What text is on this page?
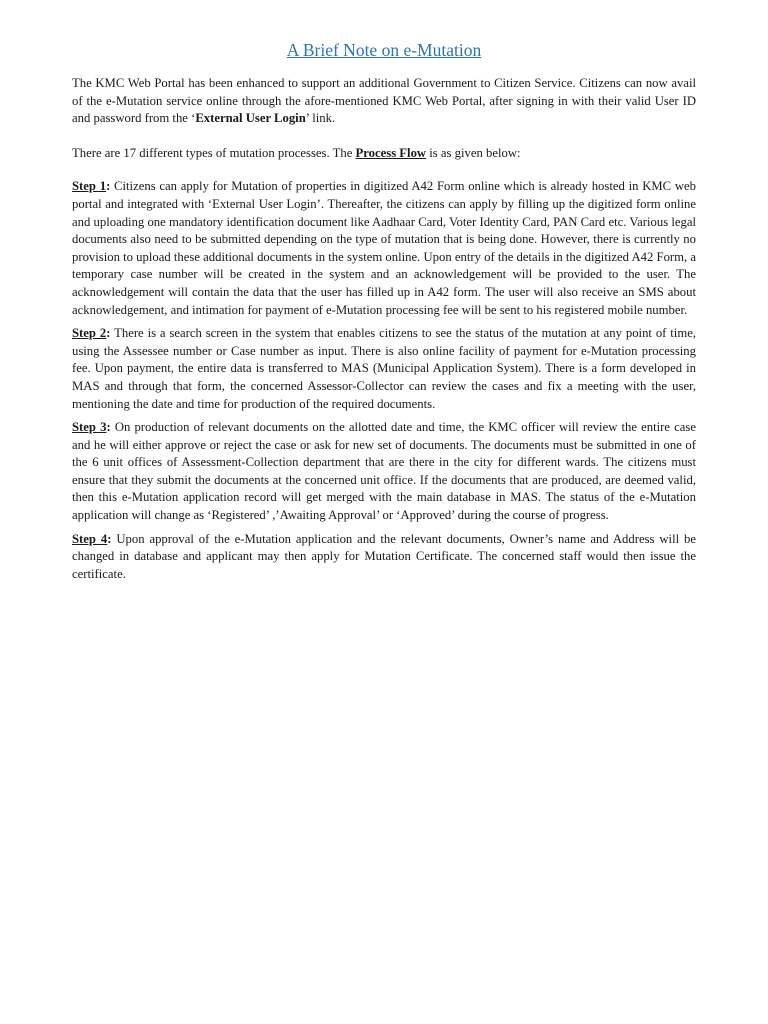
A Brief Note on e-Mutation

The KMC Web Portal has been enhanced to support an additional Government to Citizen Service. Citizens can now avail of the e-Mutation service online through the afore-mentioned KMC Web Portal, after signing in with their valid User ID and password from the ‘External User Login’ link.

There are 17 different types of mutation processes. The Process Flow is as given below:

Step 1: Citizens can apply for Mutation of properties in digitized A42 Form online which is already hosted in KMC web portal and integrated with ‘External User Login’. Thereafter, the citizens can apply by filling up the digitized form online and uploading one mandatory identification document like Aadhaar Card, Voter Identity Card, PAN Card etc. Various legal documents also need to be submitted depending on the type of mutation that is being done. However, there is currently no provision to upload these additional documents in the system online. Upon entry of the details in the digitized A42 Form, a temporary case number will be created in the system and an acknowledgement will be provided to the user. The acknowledgement will contain the data that the user has filled up in A42 form. The user will also receive an SMS about acknowledgement, and intimation for payment of e-Mutation processing fee will be sent to his registered mobile number.

Step 2: There is a search screen in the system that enables citizens to see the status of the mutation at any point of time, using the Assessee number or Case number as input. There is also online facility of payment for e-Mutation processing fee. Upon payment, the entire data is transferred to MAS (Municipal Application System). There is a form developed in MAS and through that form, the concerned Assessor-Collector can review the cases and fix a meeting with the user, mentioning the date and time for production of the required documents.

Step 3: On production of relevant documents on the allotted date and time, the KMC officer will review the entire case and he will either approve or reject the case or ask for new set of documents. The documents must be submitted in one of the 6 unit offices of Assessment-Collection department that are there in the city for different wards. The citizens must ensure that they submit the documents at the concerned unit office. If the documents that are produced, are deemed valid, then this e-Mutation application record will get merged with the main database in MAS. The status of the e-Mutation application will change as ‘Registered’ ,’Awaiting Approval’ or ‘Approved’ during the course of progress.

Step 4: Upon approval of the e-Mutation application and the relevant documents, Owner’s name and Address will be changed in database and applicant may then apply for Mutation Certificate. The concerned staff would then issue the certificate.
